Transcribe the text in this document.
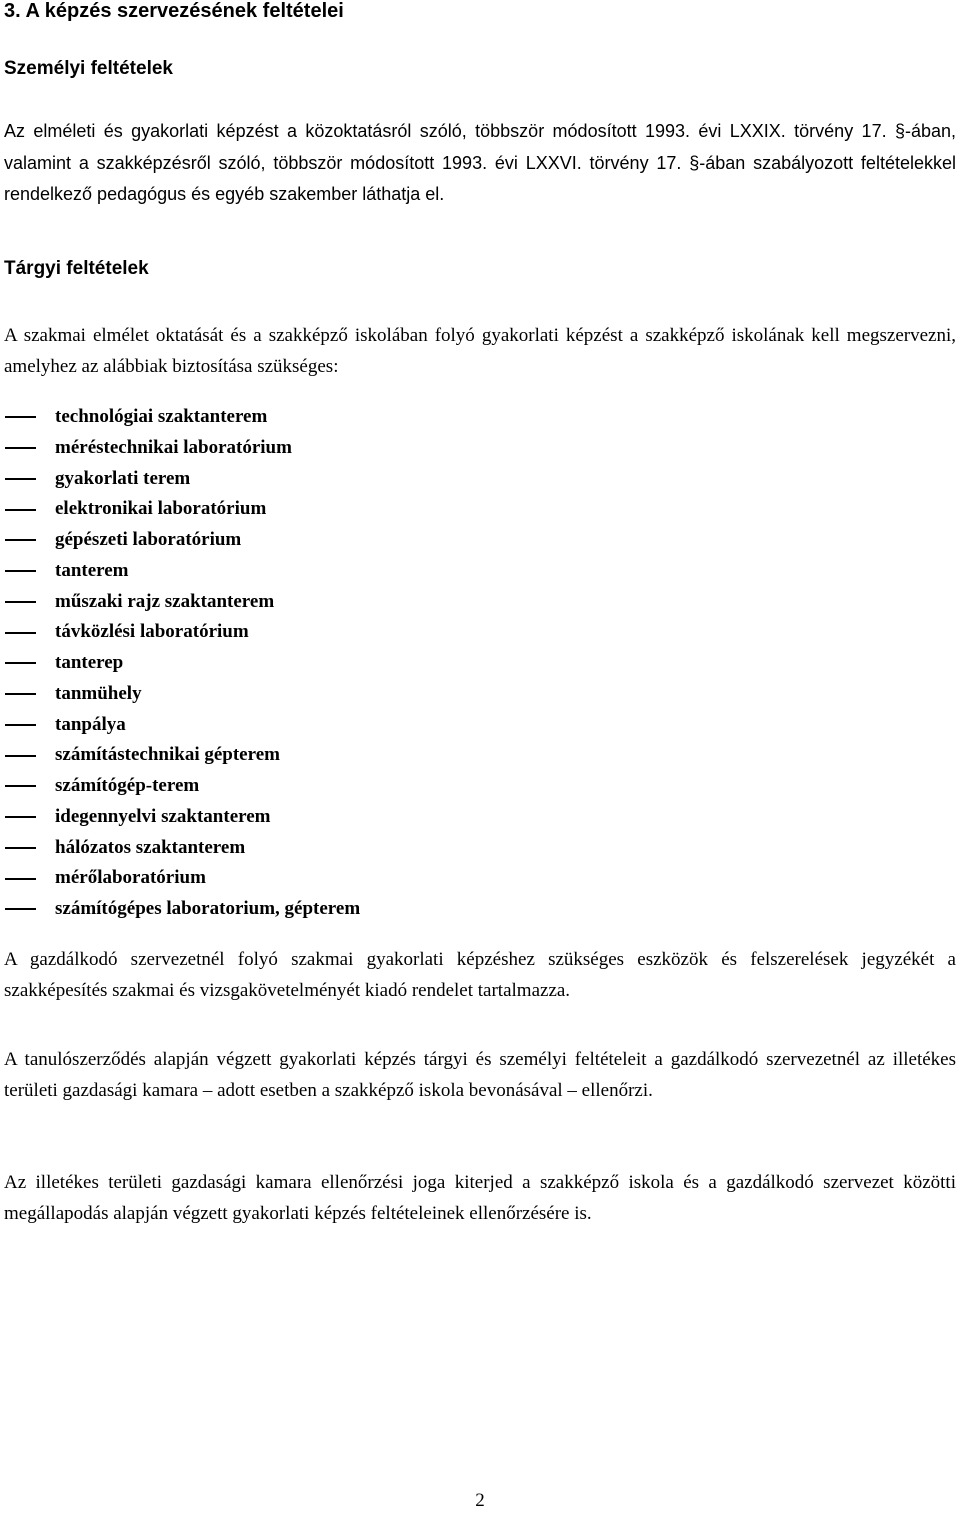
3. A képzés szervezésének feltételei
Személyi feltételek

Az elméleti és gyakorlati képzést a közoktatásról szóló, többször módosított 1993. évi LXXIX. törvény 17. §-ában, valamint a szakképzésről szóló, többször módosított 1993. évi LXXVI. törvény 17. §-ában szabályozott feltételekkel rendelkező pedagógus és egyéb szakember láthatja el.

Tárgyi feltételek

A szakmai elmélet oktatását és a szakképző iskolában folyó gyakorlati képzést a szakképző iskolának kell megszervezni, amelyhez az alábbiak biztosítása szükséges:

technológiai szaktanterem
méréstechnikai laboratórium
gyakorlati terem
elektronikai laboratórium
gépészeti laboratórium
tanterem
műszaki rajz szaktanterem
távközlési laboratórium
tanterep
tanmühely
tanpálya
számítástechnikai gépterem
számítógép-terem
idegennyelvi szaktanterem
hálózatos szaktanterem
mérőlaboratórium
számítógépes laboratorium, gépterem

A gazdálkodó szervezetnél folyó szakmai gyakorlati képzéshez szükséges eszközök és felszerelések jegyzékét a szakképesítés szakmai és vizsgakövetelményét kiadó rendelet tartalmazza.

A tanulószerződés alapján végzett gyakorlati képzés tárgyi és személyi feltételeit a gazdálkodó szervezetnél az illetékes területi gazdasági kamara – adott esetben a szakképző iskola bevonásával – ellenőrzi.

Az illetékes területi gazdasági kamara ellenőrzési joga kiterjed a szakképző iskola és a gazdálkodó szervezet közötti megállapodás alapján végzett gyakorlati képzés feltételeinek ellenőrzésére is.

2
